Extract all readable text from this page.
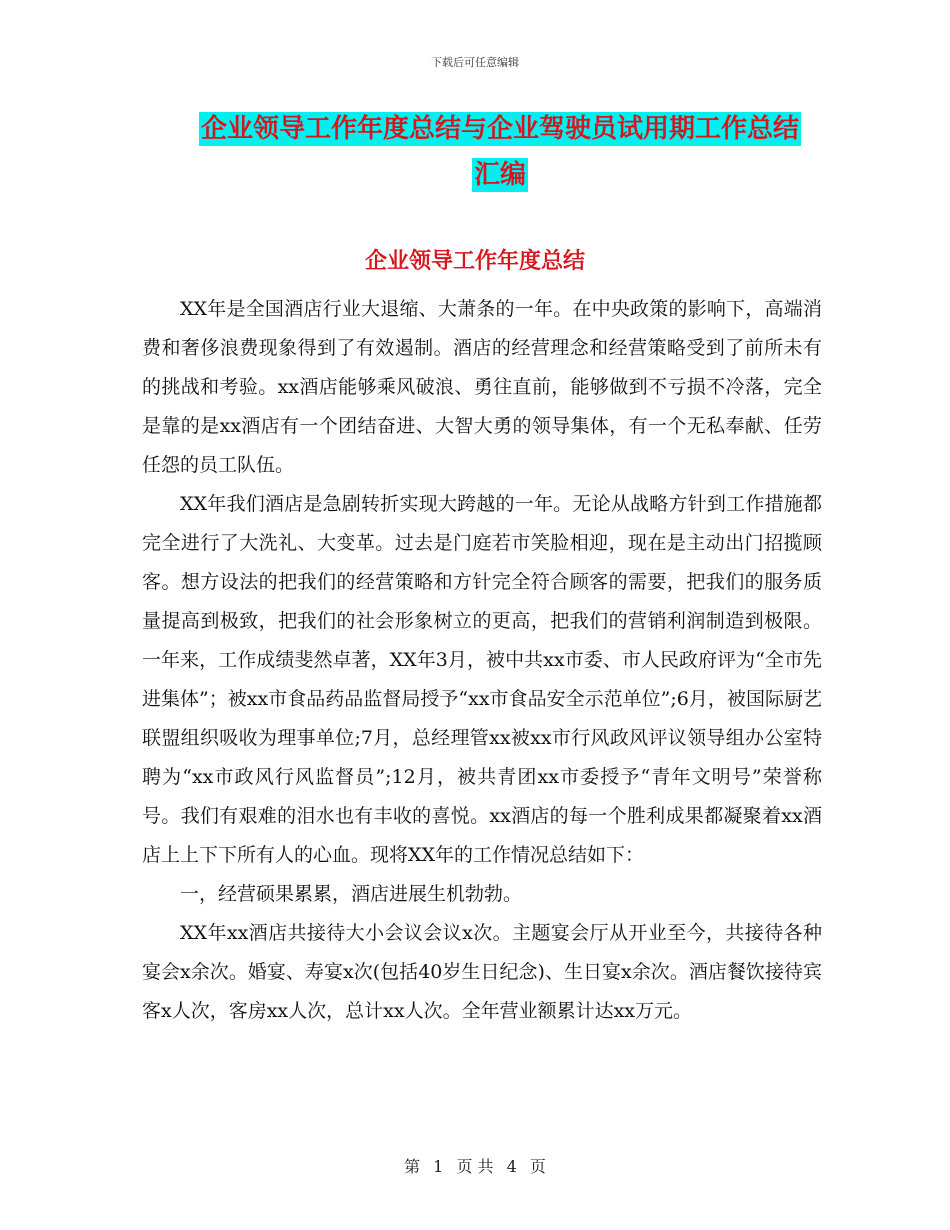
下载后可任意编辑
企业领导工作年度总结与企业驾驶员试用期工作总结
汇编
企业领导工作年度总结

XX年是全国酒店行业大退缩、大萧条的一年。在中央政策的影响下，高端消费和奢侈浪费现象得到了有效遏制。酒店的经营理念和经营策略受到了前所未有的挑战和考验。xx酒店能够乘风破浪、勇往直前，能够做到不亏损不冷落，完全是靠的是xx酒店有一个团结奋进、大智大勇的领导集体，有一个无私奉献、任劳任怨的员工队伍。

XX年我们酒店是急剧转折实现大跨越的一年。无论从战略方针到工作措施都完全进行了大洗礼、大变革。过去是门庭若市笑脸相迎，现在是主动出门招揽顾客。想方设法的把我们的经营策略和方针完全符合顾客的需要，把我们的服务质量提高到极致，把我们的社会形象树立的更高，把我们的营销利润制造到极限。一年来，工作成绩斐然卓著，XX年3月，被中共xx市委、市人民政府评为“全市先进集体”；被xx市食品药品监督局授予“xx市食品安全示范单位”;6月，被国际厨艺联盟组织吸收为理事单位;7月，总经理管xx被xx市行风政风评议领导组办公室特聘为“xx市政风行风监督员”;12月，被共青团xx市委授予“青年文明号”荣誉称号。我们有艰难的泪水也有丰收的喜悦。xx酒店的每一个胜利成果都凝聚着xx酒店上上下下所有人的心血。现将XX年的工作情况总结如下：

一，经营硕果累累，酒店进展生机勃勃。

XX年xx酒店共接待大小会议会议x次。主题宴会厅从开业至今，共接待各种宴会x余次。婚宴、寿宴x次(包括40岁生日纪念)、生日宴x余次。酒店餐饮接待宾客x人次，客房xx人次，总计xx人次。全年营业额累计达xx万元。

第 1 页 共 4 页
